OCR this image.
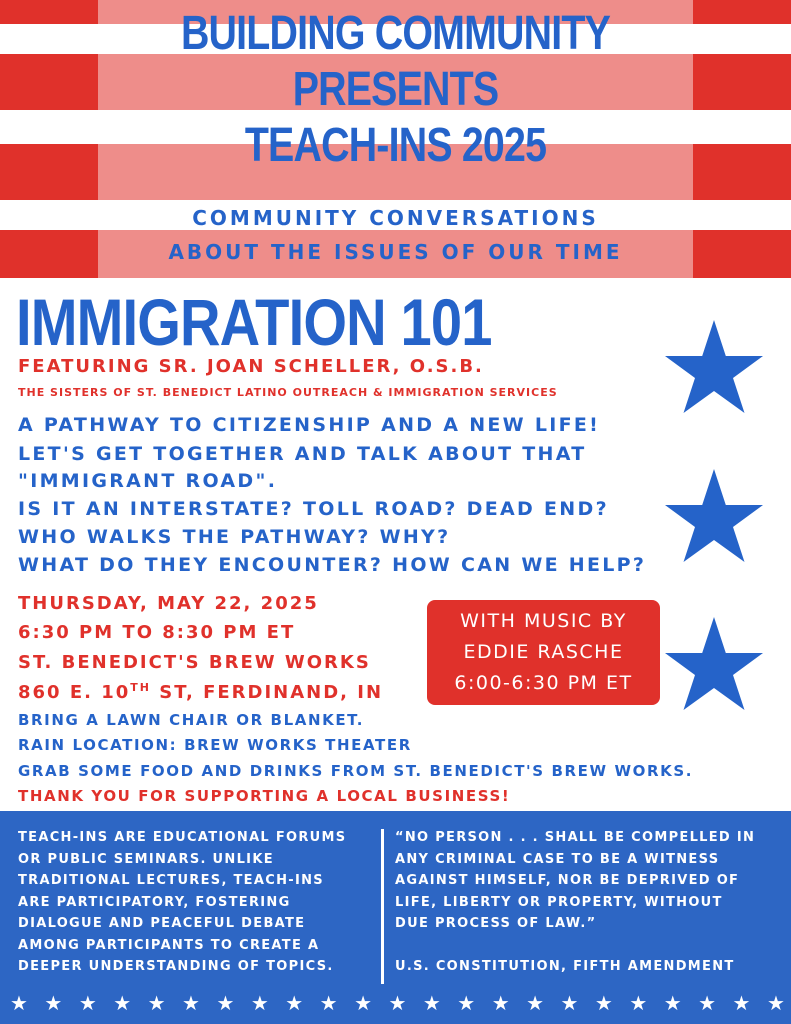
BUILDING COMMUNITY
PRESENTS
TEACH-INS 2025
COMMUNITY CONVERSATIONS
ABOUT THE ISSUES OF OUR TIME
IMMIGRATION 101

FEATURING SR. JOAN SCHELLER, O.S.B.

THE SISTERS OF ST. BENEDICT LATINO OUTREACH & IMMIGRATION SERVICES

A PATHWAY TO CITIZENSHIP AND A NEW LIFE!

LET'S GET TOGETHER AND TALK ABOUT THAT

"IMMIGRANT ROAD".

IS IT AN INTERSTATE? TOLL ROAD? DEAD END?

WHO WALKS THE PATHWAY? WHY?

WHAT DO THEY ENCOUNTER? HOW CAN WE HELP?

THURSDAY, MAY 22, 2025

6:30 PM TO 8:30 PM ET

ST. BENEDICT'S BREW WORKS

860 E. 10TH ST, FERDINAND, IN

BRING A LAWN CHAIR OR BLANKET.

RAIN LOCATION: BREW WORKS THEATER

GRAB SOME FOOD AND DRINKS FROM ST. BENEDICT'S BREW WORKS.

THANK YOU FOR SUPPORTING A LOCAL BUSINESS!

WITH MUSIC BY
EDDIE RASCHE
6:00-6:30 PM ET

TEACH-INS ARE EDUCATIONAL FORUMS
OR PUBLIC SEMINARS. UNLIKE
TRADITIONAL LECTURES, TEACH-INS
ARE PARTICIPATORY, FOSTERING
DIALOGUE AND PEACEFUL DEBATE
AMONG PARTICIPANTS TO CREATE A
DEEPER UNDERSTANDING OF TOPICS.

“NO PERSON . . . SHALL BE COMPELLED IN
ANY CRIMINAL CASE TO BE A WITNESS
AGAINST HIMSELF, NOR BE DEPRIVED OF
LIFE, LIBERTY OR PROPERTY, WITHOUT
DUE PROCESS OF LAW.”

U.S. CONSTITUTION, FIFTH AMENDMENT

★ ★ ★ ★ ★ ★ ★ ★ ★ ★ ★ ★ ★ ★ ★ ★ ★ ★ ★ ★ ★ ★ ★
